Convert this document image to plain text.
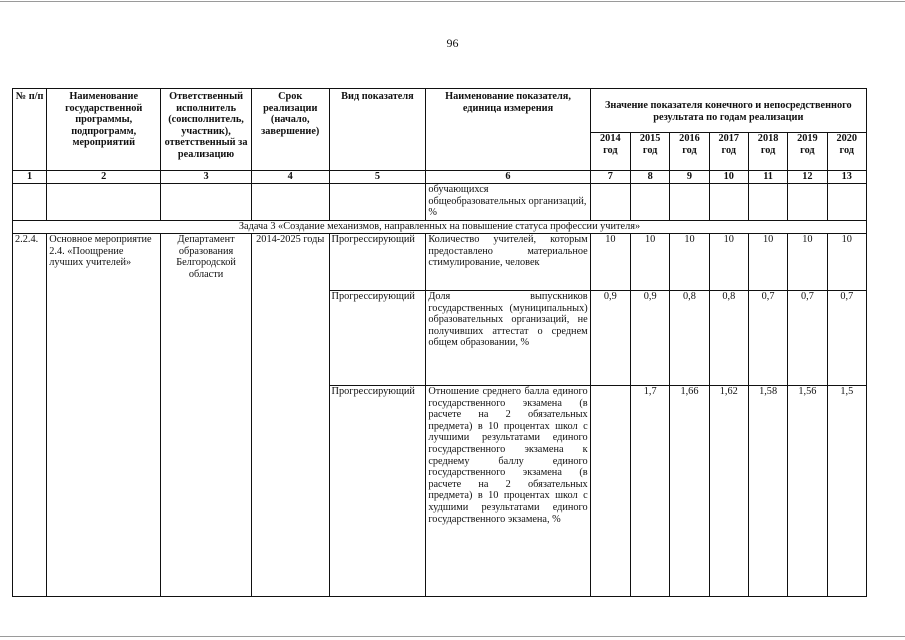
96
№ п/п	Наименование государственной программы, подпрограмм, мероприятий	Ответственный исполнитель (соисполнитель, участник), ответственный за реализацию	Срок реализации (начало, завершение)	Вид показателя	Наименование показателя, единица измерения	Значение показателя конечного и непосредственного результата по годам реализации						
						2014 год	2015 год	2016 год	2017 год	2018 год	2019 год	2020 год
1	2	3	4	5	6	7	8	9	10	11	12	13
					обучающихся общеобразовательных организаций, %							
Задача 3 «Создание механизмов, направленных на повышение статуса профессии учителя»												
2.2.4.	Основное мероприятие 2.4. «Поощрение лучших учителей»	Департамент образования Белгородской области	2014-2025 годы	Прогрессирующий	Количество учителей, которым предоставлено материальное стимулирование, человек	10	10	10	10	10	10	10
				Прогрессирующий	Доля выпускников государственных (муниципальных) образовательных организаций, не получивших аттестат о среднем общем образовании, %	0,9	0,9	0,8	0,8	0,7	0,7	0,7
				Прогрессирующий	Отношение среднего балла единого государственного экзамена (в расчете на 2 обязательных предмета) в 10 процентах школ с лучшими результатами единого государственного экзамена к среднему баллу единого государственного экзамена (в расчете на 2 обязательных предмета) в 10 процентах школ с худшими результатами единого государственного экзамена, %		1,7	1,66	1,62	1,58	1,56	1,5
